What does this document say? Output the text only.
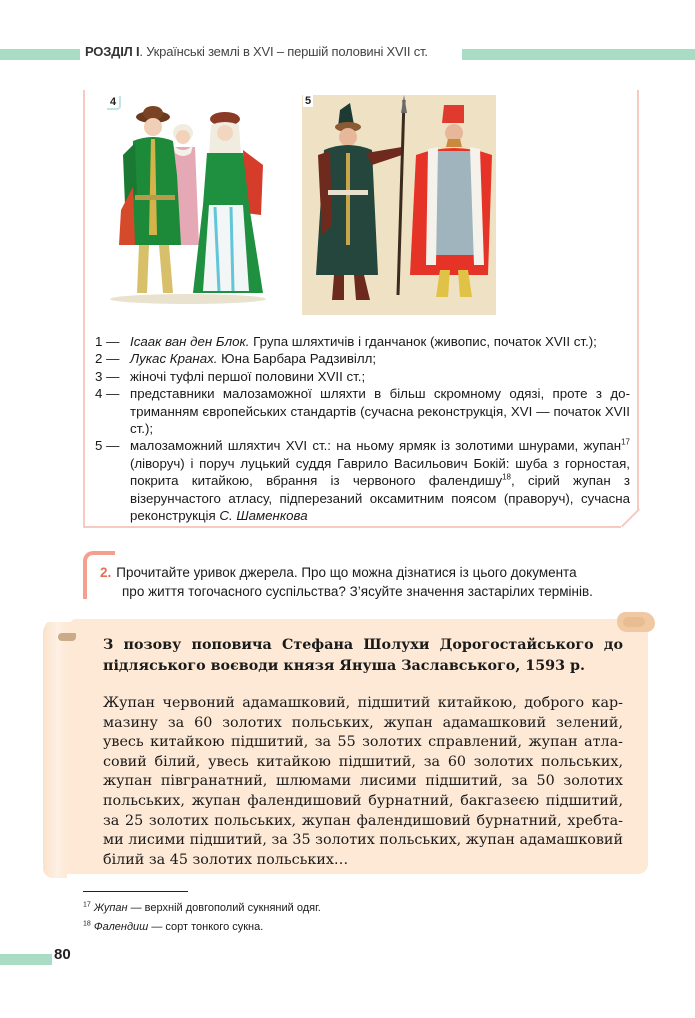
РОЗДІЛ І. Українські землі в XVI – першій половині XVII ст.
4	5
1 — Ісаак ван ден Блок. Група шляхтичів і гданчанок (живопис, початок XVII ст.);
2 — Лукас Кранах. Юна Барбара Радзивілл;
3 — жіночі туфлі першої половини XVII ст.;
4 — представники малозаможної шляхти в більш скромному одязі, проте з дотриманням європейських стандартів (сучасна реконструкція, XVI — початок XVII ст.);
5 — малозаможний шляхтич XVI ст.: на ньому ярмяк із золотими шнурами, жупан$^{17}$ (ліворуч) і поруч луцький суддя Гаврило Васильович Бокій: шуба з горностая, покрита китайкою, вбрання із червоного фалендишу$^{18}$, сірий жупан з візерунчастого атласу, підперезаний оксамитним поясом (праворуч), сучасна реконструкція С. Шаменкова
2. Прочитайте уривок джерела. Про що можна дізнатися із цього документа
про життя тогочасного суспільства? З’ясуйте значення застарілих термінів.
З позову поповича Стефана Шолухи Дорогостайського до підляського воєводи князя Януша Заславського, 1593 р.
Жупан червоний адамашковий, підшитий китайкою, доброго кармазину за 60 золотих польських, жупан адамашковий зелений, увесь китайкою підшитий, за 55 золотих справлений, жупан атласовий білий, увесь китайкою підшитий, за 60 золотих польських, жупан півгранатний, шлюмами лисими підшитий, за 50 золотих польських, жупан фалендишовий бурнатний, бакгазеєю підшитий, за 25 золотих польських, жупан фалендишовий бурнатний, хребтами лисими підшитий, за 35 золотих польських, жупан адамашковий білий за 45 золотих польських…
$^{17}$ Жупан — верхній довгополий сукняний одяг.
$^{18}$ Фалендиш — сорт тонкого сукна.
80
